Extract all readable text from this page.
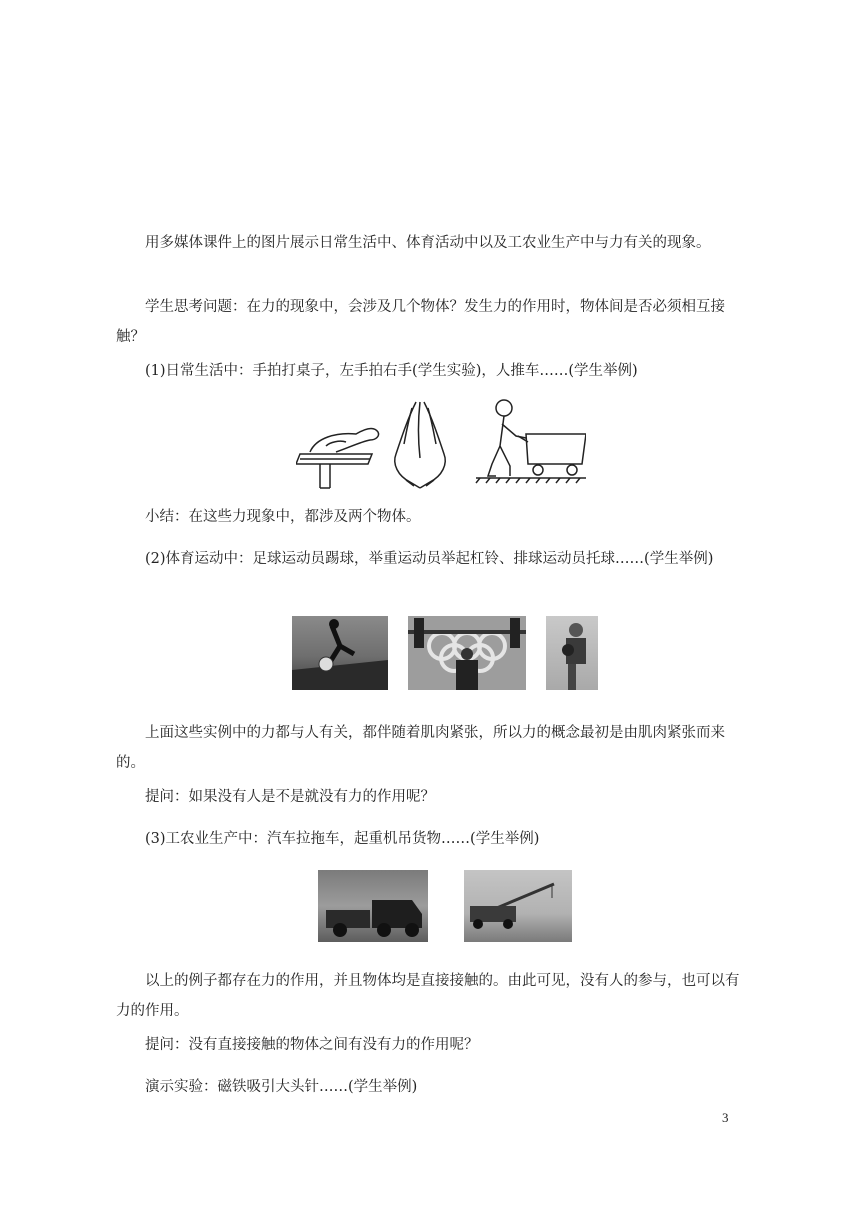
用多媒体课件上的图片展示日常生活中、体育活动中以及工农业生产中与力有关的现象。

学生思考问题：在力的现象中，会涉及几个物体？发生力的作用时，物体间是否必须相互接触？

(1)日常生活中：手拍打桌子，左手拍右手(学生实验)，人推车……(学生举例)

小结：在这些力现象中，都涉及两个物体。

(2)体育运动中：足球运动员踢球，举重运动员举起杠铃、排球运动员托球……(学生举例)

上面这些实例中的力都与人有关，都伴随着肌肉紧张，所以力的概念最初是由肌肉紧张而来的。

提问：如果没有人是不是就没有力的作用呢？

(3)工农业生产中：汽车拉拖车，起重机吊货物……(学生举例)

以上的例子都存在力的作用，并且物体均是直接接触的。由此可见，没有人的参与，也可以有力的作用。

提问：没有直接接触的物体之间有没有力的作用呢？

演示实验：磁铁吸引大头针……(学生举例)

3
